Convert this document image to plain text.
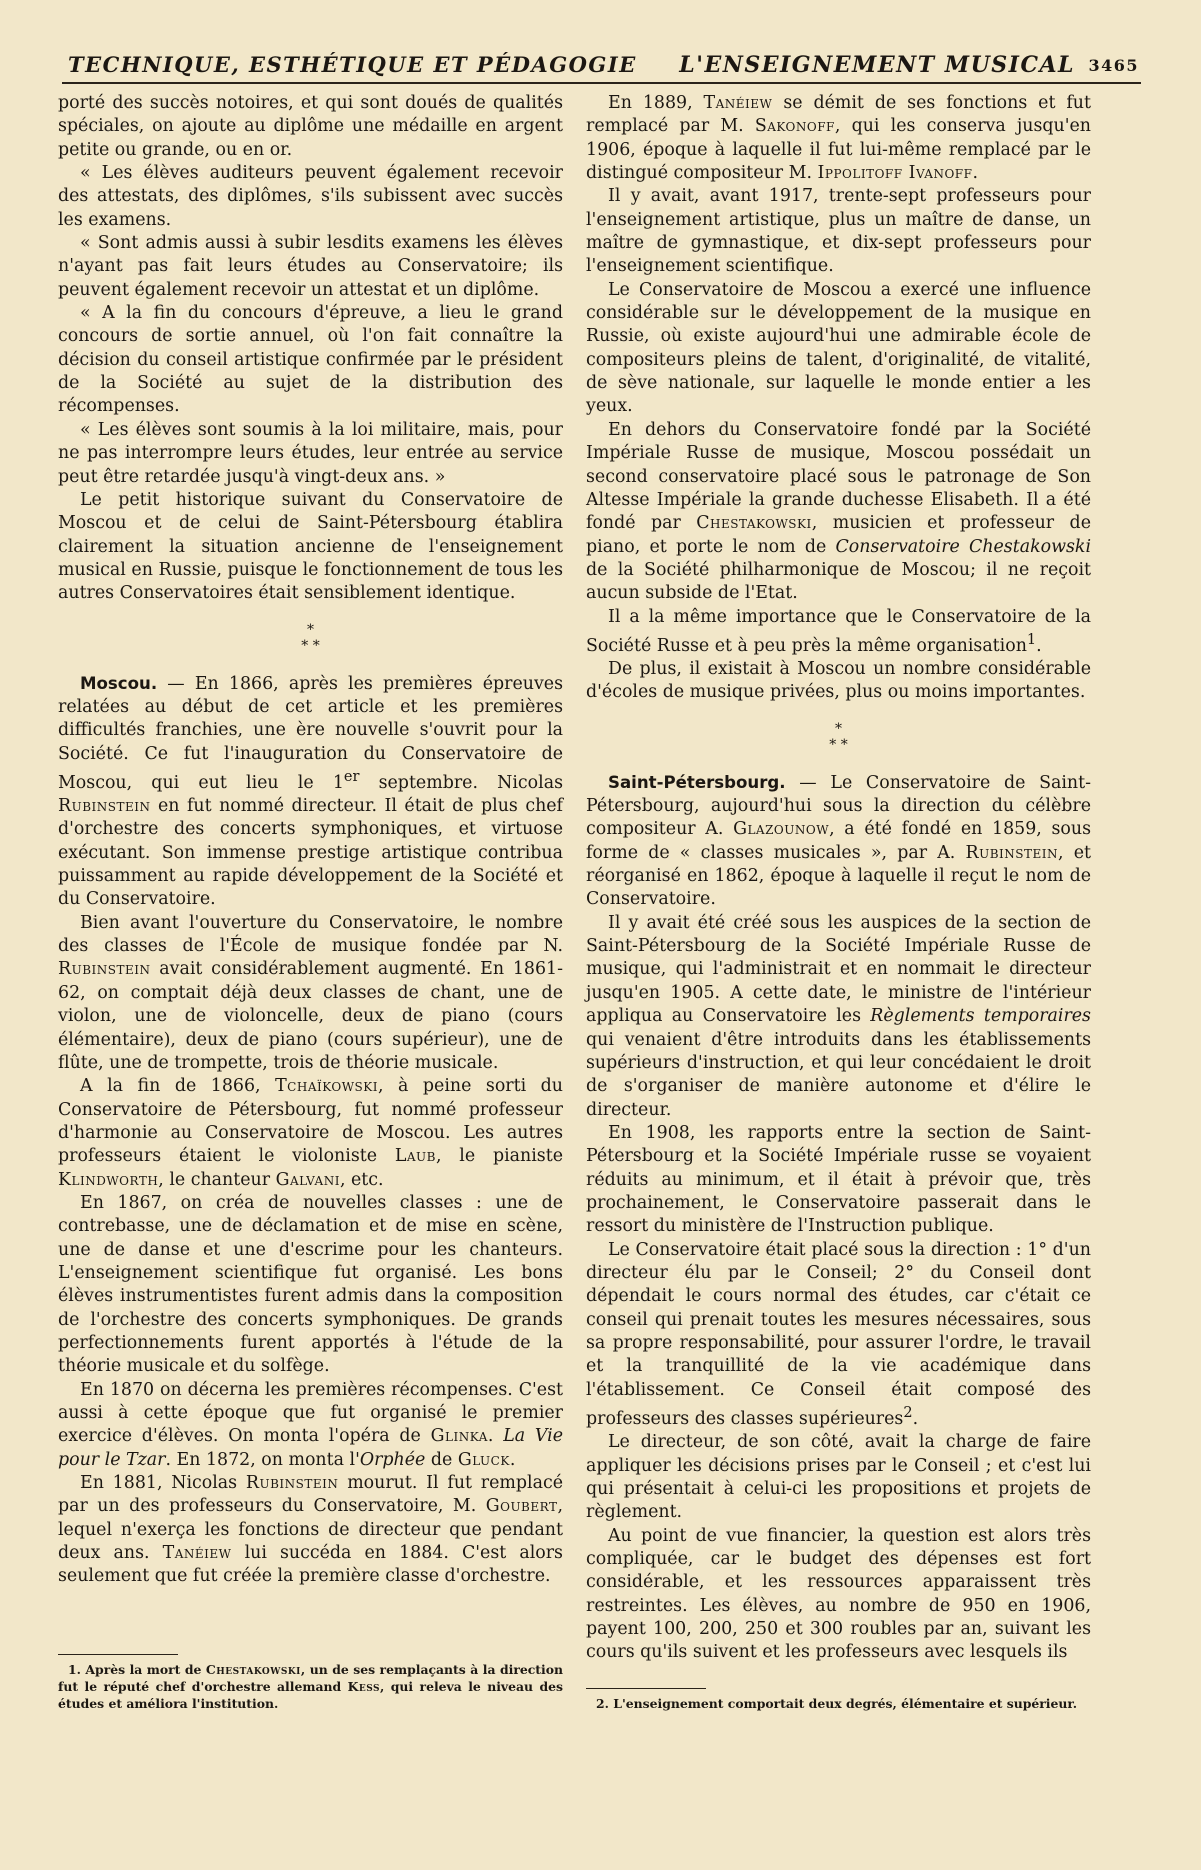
TECHNIQUE, ESTHÉTIQUE ET PÉDAGOGIE L'ENSEIGNEMENT MUSICAL 3465

porté des succès notoires, et qui sont doués de qualités spéciales, on ajoute au diplôme une médaille en argent petite ou grande, ou en or.

« Les élèves auditeurs peuvent également recevoir des attestats, des diplômes, s'ils subissent avec succès les examens.

« Sont admis aussi à subir lesdits examens les élèves n'ayant pas fait leurs études au Conservatoire; ils peuvent également recevoir un attestat et un diplôme.

« A la fin du concours d'épreuve, a lieu le grand concours de sortie annuel, où l'on fait connaître la décision du conseil artistique confirmée par le président de la Société au sujet de la distribution des récompenses.

« Les élèves sont soumis à la loi militaire, mais, pour ne pas interrompre leurs études, leur entrée au service peut être retardée jusqu'à vingt-deux ans. »

Le petit historique suivant du Conservatoire de Moscou et de celui de Saint-Pétersbourg établira clairement la situation ancienne de l'enseignement musical en Russie, puisque le fonctionnement de tous les autres Conservatoires était sensiblement identique.

*
* *

Moscou. — En 1866, après les premières épreuves relatées au début de cet article et les premières difficultés franchies, une ère nouvelle s'ouvrit pour la Société. Ce fut l'inauguration du Conservatoire de Moscou, qui eut lieu le 1er septembre. Nicolas Rubinstein en fut nommé directeur. Il était de plus chef d'orchestre des concerts symphoniques, et virtuose exécutant. Son immense prestige artistique contribua puissamment au rapide développement de la Société et du Conservatoire.

Bien avant l'ouverture du Conservatoire, le nombre des classes de l'École de musique fondée par N. Rubinstein avait considérablement augmenté. En 1861-62, on comptait déjà deux classes de chant, une de violon, une de violoncelle, deux de piano (cours élémentaire), deux de piano (cours supérieur), une de flûte, une de trompette, trois de théorie musicale.

A la fin de 1866, Tchaïkowski, à peine sorti du Conservatoire de Pétersbourg, fut nommé professeur d'harmonie au Conservatoire de Moscou. Les autres professeurs étaient le violoniste Laub, le pianiste Klindworth, le chanteur Galvani, etc.

En 1867, on créa de nouvelles classes : une de contrebasse, une de déclamation et de mise en scène, une de danse et une d'escrime pour les chanteurs. L'enseignement scientifique fut organisé. Les bons élèves instrumentistes furent admis dans la composition de l'orchestre des concerts symphoniques. De grands perfectionnements furent apportés à l'étude de la théorie musicale et du solfège.

En 1870 on décerna les premières récompenses. C'est aussi à cette époque que fut organisé le premier exercice d'élèves. On monta l'opéra de Glinka. La Vie pour le Tzar. En 1872, on monta l'Orphée de Gluck.

En 1881, Nicolas Rubinstein mourut. Il fut remplacé par un des professeurs du Conservatoire, M. Goubert, lequel n'exerça les fonctions de directeur que pendant deux ans. Tanéiew lui succéda en 1884. C'est alors seulement que fut créée la première classe d'orchestre.

1. Après la mort de Chestakowski, un de ses remplaçants à la direction fut le réputé chef d'orchestre allemand Kess, qui releva le niveau des études et améliora l'institution.

En 1889, Tanéiew se démit de ses fonctions et fut remplacé par M. Sakonoff, qui les conserva jusqu'en 1906, époque à laquelle il fut lui-même remplacé par le distingué compositeur M. Ippolitoff Ivanoff.

Il y avait, avant 1917, trente-sept professeurs pour l'enseignement artistique, plus un maître de danse, un maître de gymnastique, et dix-sept professeurs pour l'enseignement scientifique.

Le Conservatoire de Moscou a exercé une influence considérable sur le développement de la musique en Russie, où existe aujourd'hui une admirable école de compositeurs pleins de talent, d'originalité, de vitalité, de sève nationale, sur laquelle le monde entier a les yeux.

En dehors du Conservatoire fondé par la Société Impériale Russe de musique, Moscou possédait un second conservatoire placé sous le patronage de Son Altesse Impériale la grande duchesse Elisabeth. Il a été fondé par Chestakowski, musicien et professeur de piano, et porte le nom de Conservatoire Chestakowski de la Société philharmonique de Moscou; il ne reçoit aucun subside de l'Etat.

Il a la même importance que le Conservatoire de la Société Russe et à peu près la même organisation$^1$.

De plus, il existait à Moscou un nombre considérable d'écoles de musique privées, plus ou moins importantes.

*
* *

Saint-Pétersbourg. — Le Conservatoire de Saint-Pétersbourg, aujourd'hui sous la direction du célèbre compositeur A. Glazounow, a été fondé en 1859, sous forme de « classes musicales », par A. Rubinstein, et réorganisé en 1862, époque à laquelle il reçut le nom de Conservatoire.

Il y avait été créé sous les auspices de la section de Saint-Pétersbourg de la Société Impériale Russe de musique, qui l'administrait et en nommait le directeur jusqu'en 1905. A cette date, le ministre de l'intérieur appliqua au Conservatoire les Règlements temporaires qui venaient d'être introduits dans les établissements supérieurs d'instruction, et qui leur concédaient le droit de s'organiser de manière autonome et d'élire le directeur.

En 1908, les rapports entre la section de Saint-Pétersbourg et la Société Impériale russe se voyaient réduits au minimum, et il était à prévoir que, très prochainement, le Conservatoire passerait dans le ressort du ministère de l'Instruction publique.

Le Conservatoire était placé sous la direction : 1° d'un directeur élu par le Conseil; 2° du Conseil dont dépendait le cours normal des études, car c'était ce conseil qui prenait toutes les mesures nécessaires, sous sa propre responsabilité, pour assurer l'ordre, le travail et la tranquillité de la vie académique dans l'établissement. Ce Conseil était composé des professeurs des classes supérieures$^2$.

Le directeur, de son côté, avait la charge de faire appliquer les décisions prises par le Conseil ; et c'est lui qui présentait à celui-ci les propositions et projets de règlement.

Au point de vue financier, la question est alors très compliquée, car le budget des dépenses est fort considérable, et les ressources apparaissent très restreintes. Les élèves, au nombre de 950 en 1906, payent 100, 200, 250 et 300 roubles par an, suivant les cours qu'ils suivent et les professeurs avec lesquels ils

2. L'enseignement comportait deux degrés, élémentaire et supérieur.
